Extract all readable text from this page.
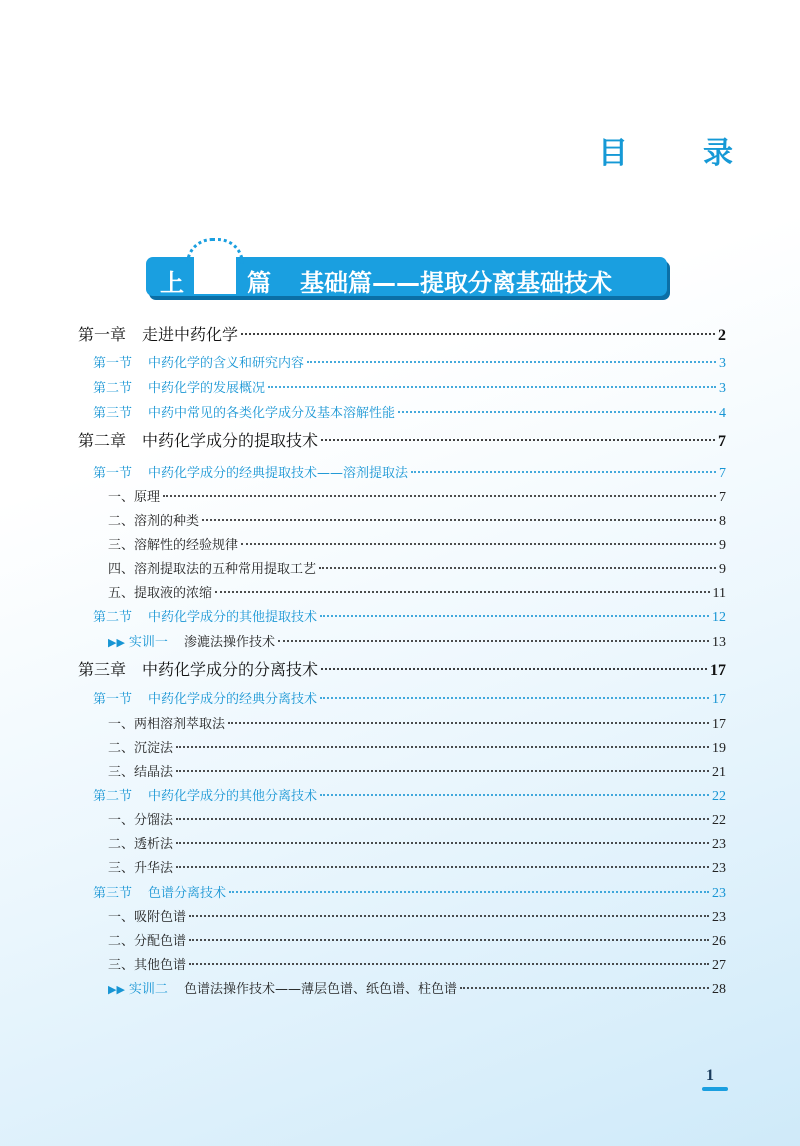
目	录
上	篇 基础篇——提取分离基础技术
第一章 走进中药化学	2
第一节 中药化学的含义和研究内容	3
第二节 中药化学的发展概况	3
第三节 中药中常见的各类化学成分及基本溶解性能	4
第二章 中药化学成分的提取技术	7
第一节 中药化学成分的经典提取技术——溶剂提取法	7
一、原理	7
二、溶剂的种类	8
三、溶解性的经验规律	9
四、溶剂提取法的五种常用提取工艺	9
五、提取液的浓缩	11
第二节 中药化学成分的其他提取技术	12
▶▶ 实训一 渗漉法操作技术	13
第三章 中药化学成分的分离技术	17
第一节 中药化学成分的经典分离技术	17
一、两相溶剂萃取法	17
二、沉淀法	19
三、结晶法	21
第二节 中药化学成分的其他分离技术	22
一、分馏法	22
二、透析法	23
三、升华法	23
第三节 色谱分离技术	23
一、吸附色谱	23
二、分配色谱	26
三、其他色谱	27
▶▶ 实训二 色谱法操作技术——薄层色谱、纸色谱、柱色谱	28
1
